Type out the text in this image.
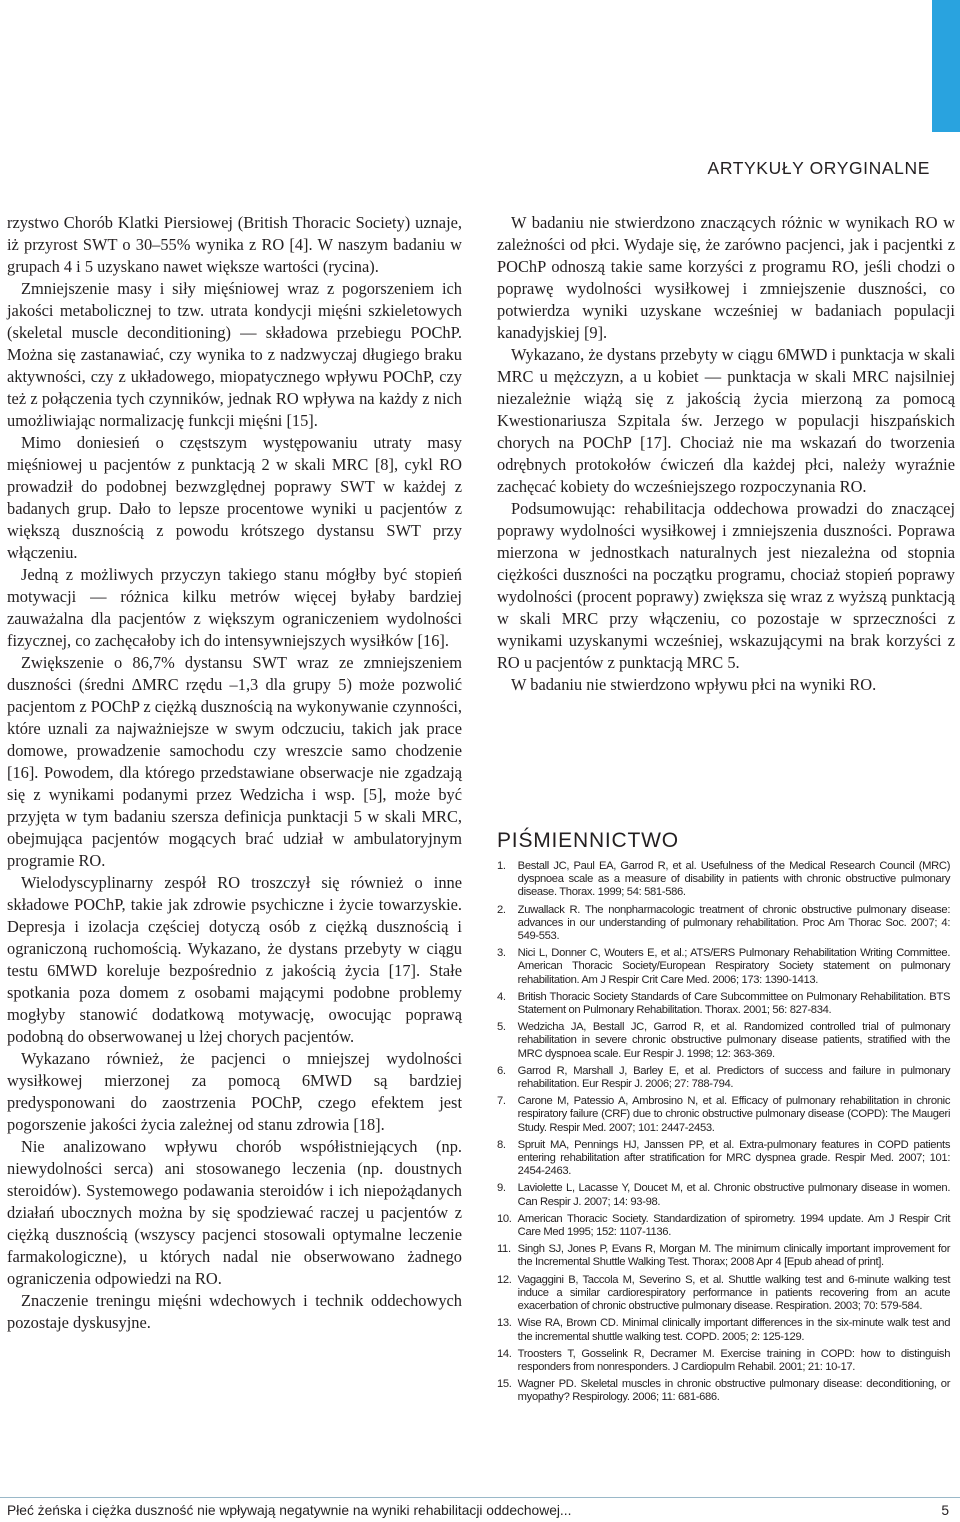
ARTYKUŁY ORYGINALNE

rzystwo Chorób Klatki Piersiowej (British Thoracic Society) uznaje, iż przyrost SWT o 30–55% wynika z RO [4]. W naszym badaniu w grupach 4 i 5 uzyskano nawet większe wartości (rycina).

Zmniejszenie masy i siły mięśniowej wraz z pogorszeniem ich jakości metabolicznej to tzw. utrata kondycji mięśni szkieletowych (skeletal muscle deconditioning) — składowa przebiegu POChP. Można się zastanawiać, czy wynika to z nadzwyczaj długiego braku aktywności, czy z układowego, miopatycznego wpływu POChP, czy też z połączenia tych czynników, jednak RO wpływa na każdy z nich umożliwiając normalizację funkcji mięśni [15].

Mimo doniesień o częstszym występowaniu utraty masy mięśniowej u pacjentów z punktacją 2 w skali MRC [8], cykl RO prowadził do podobnej bezwzględnej poprawy SWT w każdej z badanych grup. Dało to lepsze procentowe wyniki u pacjentów z większą dusznością z powodu krótszego dystansu SWT przy włączeniu.

Jedną z możliwych przyczyn takiego stanu mógłby być stopień motywacji — różnica kilku metrów więcej byłaby bardziej zauważalna dla pacjentów z większym ograniczeniem wydolności fizycznej, co zachęcałoby ich do intensywniejszych wysiłków [16].

Zwiększenie o 86,7% dystansu SWT wraz ze zmniejszeniem duszności (średni ΔMRC rzędu –1,3 dla grupy 5) może pozwolić pacjentom z POChP z ciężką dusznością na wykonywanie czynności, które uznali za najważniejsze w swym odczuciu, takich jak prace domowe, prowadzenie samochodu czy wreszcie samo chodzenie [16]. Powodem, dla którego przedstawiane obserwacje nie zgadzają się z wynikami podanymi przez Wedzicha i wsp. [5], może być przyjęta w tym badaniu szersza definicja punktacji 5 w skali MRC, obejmująca pacjentów mogących brać udział w ambulatoryjnym programie RO.

Wielodyscyplinarny zespół RO troszczył się również o inne składowe POChP, takie jak zdrowie psychiczne i życie towarzyskie. Depresja i izolacja częściej dotyczą osób z ciężką dusznością i ograniczoną ruchomością. Wykazano, że dystans przebyty w ciągu testu 6MWD koreluje bezpośrednio z jakością życia [17]. Stałe spotkania poza domem z osobami mającymi podobne problemy mogłyby stanowić dodatkową motywację, owocując poprawą podobną do obserwowanej u lżej chorych pacjentów.

Wykazano również, że pacjenci o mniejszej wydolności wysiłkowej mierzonej za pomocą 6MWD są bardziej predysponowani do zaostrzenia POChP, czego efektem jest pogorszenie jakości życia zależnej od stanu zdrowia [18].

Nie analizowano wpływu chorób współistniejących (np. niewydolności serca) ani stosowanego leczenia (np. doustnych steroidów). Systemowego podawania steroidów i ich niepożądanych działań ubocznych można by się spodziewać raczej u pacjentów z ciężką dusznością (wszyscy pacjenci stosowali optymalne leczenie farmakologiczne), u których nadal nie obserwowano żadnego ograniczenia odpowiedzi na RO.

Znaczenie treningu mięśni wdechowych i technik oddechowych pozostaje dyskusyjne.

W badaniu nie stwierdzono znaczących różnic w wynikach RO w zależności od płci. Wydaje się, że zarówno pacjenci, jak i pacjentki z POChP odnoszą takie same korzyści z programu RO, jeśli chodzi o poprawę wydolności wysiłkowej i zmniejszenie duszności, co potwierdza wyniki uzyskane wcześniej w badaniach populacji kanadyjskiej [9].

Wykazano, że dystans przebyty w ciągu 6MWD i punktacja w skali MRC u mężczyzn, a u kobiet — punktacja w skali MRC najsilniej niezależnie wiążą się z jakością życia mierzoną za pomocą Kwestionariusza Szpitala św. Jerzego w populacji hiszpańskich chorych na POChP [17]. Chociaż nie ma wskazań do tworzenia odrębnych protokołów ćwiczeń dla każdej płci, należy wyraźnie zachęcać kobiety do wcześniejszego rozpoczynania RO.

Podsumowując: rehabilitacja oddechowa prowadzi do znaczącej poprawy wydolności wysiłkowej i zmniejszenia duszności. Poprawa mierzona w jednostkach naturalnych jest niezależna od stopnia ciężkości duszności na początku programu, chociaż stopień poprawy wydolności (procent poprawy) zwiększa się wraz z wyższą punktacją w skali MRC przy włączeniu, co pozostaje w sprzeczności z wynikami uzyskanymi wcześniej, wskazującymi na brak korzyści z RO u pacjentów z punktacją MRC 5.

W badaniu nie stwierdzono wpływu płci na wyniki RO.

PIŚMIENNICTWO
1. Bestall JC, Paul EA, Garrod R, et al. Usefulness of the Medical Research Council (MRC) dyspnoea scale as a measure of disability in patients with chronic obstructive pulmonary disease. Thorax. 1999; 54: 581-586.
2. Zuwallack R. The nonpharmacologic treatment of chronic obstructive pulmonary disease: advances in our understanding of pulmonary rehabilitation. Proc Am Thorac Soc. 2007; 4: 549-553.
3. Nici L, Donner C, Wouters E, et al.; ATS/ERS Pulmonary Rehabilitation Writing Committee. American Thoracic Society/European Respiratory Society statement on pulmonary rehabilitation. Am J Respir Crit Care Med. 2006; 173: 1390-1413.
4. British Thoracic Society Standards of Care Subcommittee on Pulmonary Rehabilitation. BTS Statement on Pulmonary Rehabilitation. Thorax. 2001; 56: 827-834.
5. Wedzicha JA, Bestall JC, Garrod R, et al. Randomized controlled trial of pulmonary rehabilitation in severe chronic obstructive pulmonary disease patients, stratified with the MRC dyspnoea scale. Eur Respir J. 1998; 12: 363-369.
6. Garrod R, Marshall J, Barley E, et al. Predictors of success and failure in pulmonary rehabilitation. Eur Respir J. 2006; 27: 788-794.
7. Carone M, Patessio A, Ambrosino N, et al. Efficacy of pulmonary rehabilitation in chronic respiratory failure (CRF) due to chronic obstructive pulmonary disease (COPD): The Maugeri Study. Respir Med. 2007; 101: 2447-2453.
8. Spruit MA, Pennings HJ, Janssen PP, et al. Extra-pulmonary features in COPD patients entering rehabilitation after stratification for MRC dyspnea grade. Respir Med. 2007; 101: 2454-2463.
9. Laviolette L, Lacasse Y, Doucet M, et al. Chronic obstructive pulmonary disease in women. Can Respir J. 2007; 14: 93-98.
10. American Thoracic Society. Standardization of spirometry. 1994 update. Am J Respir Crit Care Med 1995; 152: 1107-1136.
11. Singh SJ, Jones P, Evans R, Morgan M. The minimum clinically important improvement for the Incremental Shuttle Walking Test. Thorax; 2008 Apr 4 [Epub ahead of print].
12. Vagaggini B, Taccola M, Severino S, et al. Shuttle walking test and 6-minute walking test induce a similar cardiorespiratory performance in patients recovering from an acute exacerbation of chronic obstructive pulmonary disease. Respiration. 2003; 70: 579-584.
13. Wise RA, Brown CD. Minimal clinically important differences in the six-minute walk test and the incremental shuttle walking test. COPD. 2005; 2: 125-129.
14. Troosters T, Gosselink R, Decramer M. Exercise training in COPD: how to distinguish responders from nonresponders. J Cardiopulm Rehabil. 2001; 21: 10-17.
15. Wagner PD. Skeletal muscles in chronic obstructive pulmonary disease: deconditioning, or myopathy? Respirology. 2006; 11: 681-686.
Płeć żeńska i ciężka duszność nie wpływają negatywnie na wyniki rehabilitacji oddechowej...	5
